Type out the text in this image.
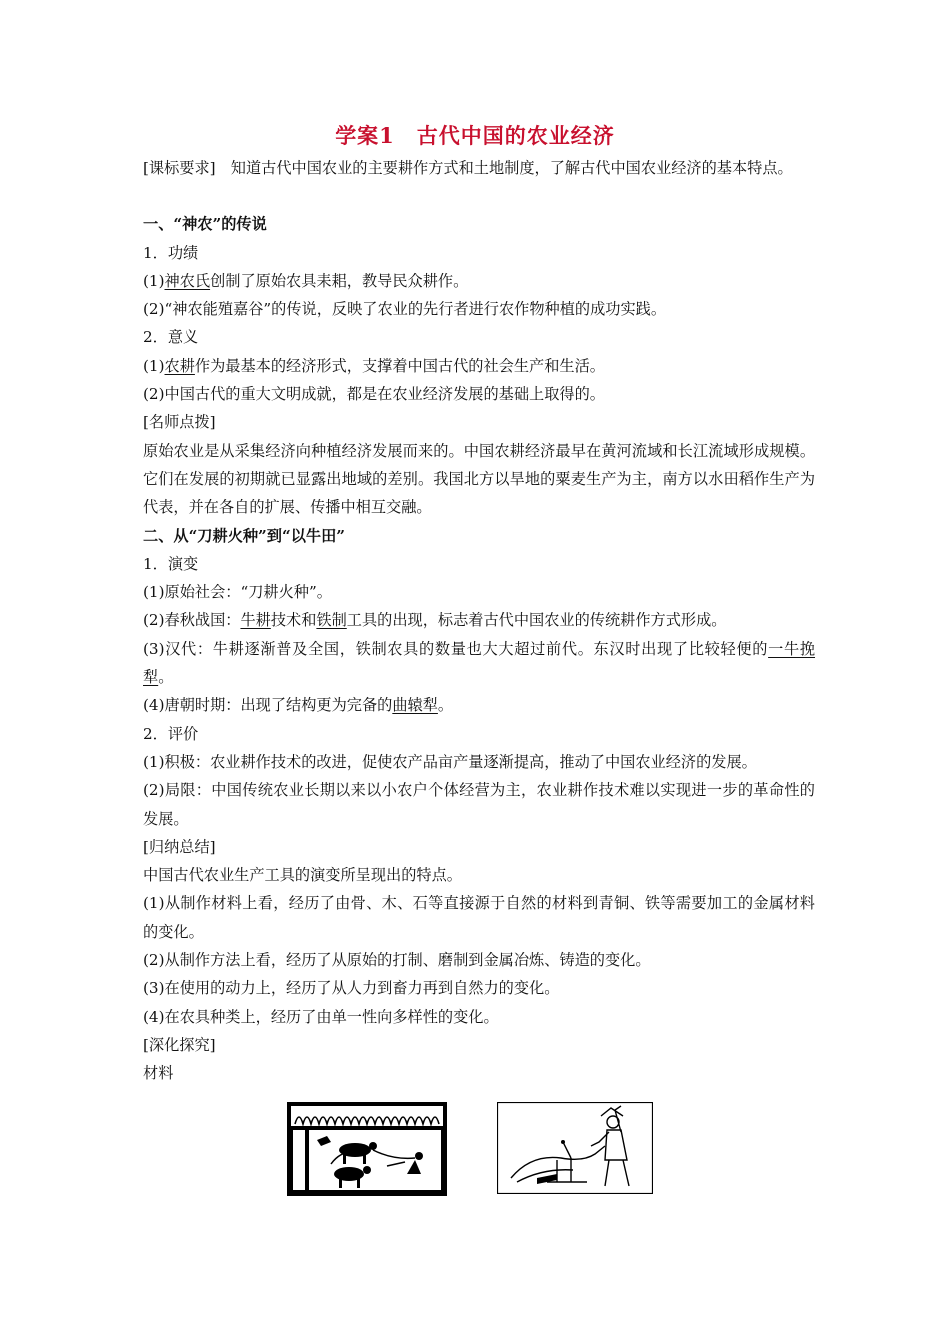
学案1　古代中国的农业经济
[课标要求]　知道古代中国农业的主要耕作方式和土地制度，了解古代中国农业经济的基本特点。
一、“神农”的传说
1．功绩
(1)神农氏创制了原始农具耒耜，教导民众耕作。
(2)“神农能殖嘉谷”的传说，反映了农业的先行者进行农作物种植的成功实践。
2．意义
(1)农耕作为最基本的经济形式，支撑着中国古代的社会生产和生活。
(2)中国古代的重大文明成就，都是在农业经济发展的基础上取得的。
[名师点拨]
原始农业是从采集经济向种植经济发展而来的。中国农耕经济最早在黄河流域和长江流域形成规模。它们在发展的初期就已显露出地域的差别。我国北方以旱地的粟麦生产为主，南方以水田稻作生产为代表，并在各自的扩展、传播中相互交融。
二、从“刀耕火种”到“以牛田”
1．演变
(1)原始社会：“刀耕火种”。
(2)春秋战国：牛耕技术和铁制工具的出现，标志着古代中国农业的传统耕作方式形成。
(3)汉代：牛耕逐渐普及全国，铁制农具的数量也大大超过前代。东汉时出现了比较轻便的一牛挽犁。
(4)唐朝时期：出现了结构更为完备的曲辕犁。
2．评价
(1)积极：农业耕作技术的改进，促使农产品亩产量逐渐提高，推动了中国农业经济的发展。
(2)局限：中国传统农业长期以来以小农户个体经营为主，农业耕作技术难以实现进一步的革命性的发展。
[归纳总结]
中国古代农业生产工具的演变所呈现出的特点。
(1)从制作材料上看，经历了由骨、木、石等直接源于自然的材料到青铜、铁等需要加工的金属材料的变化。
(2)从制作方法上看，经历了从原始的打制、磨制到金属冶炼、铸造的变化。
(3)在使用的动力上，经历了从人力到畜力再到自然力的变化。
(4)在农具种类上，经历了由单一性向多样性的变化。
[深化探究]
材料
